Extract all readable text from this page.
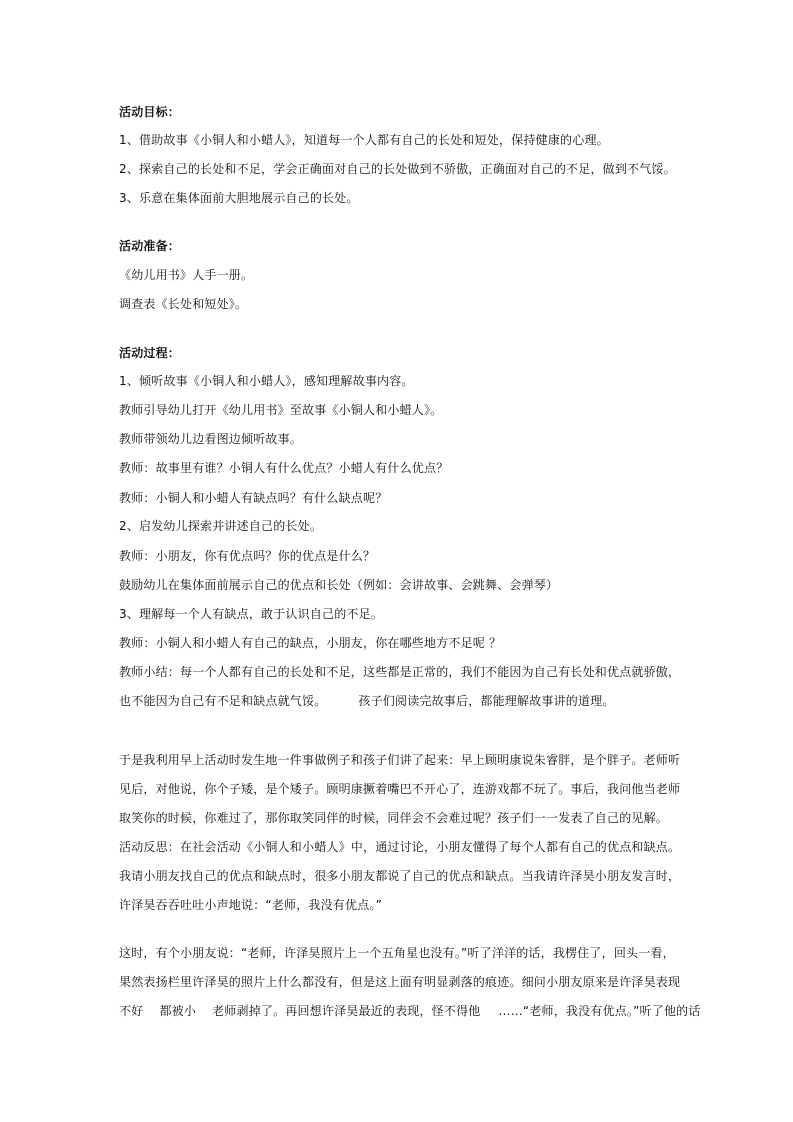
活动目标：
1、借助故事《小铜人和小蜡人》，知道每一个人都有自己的长处和短处，保持健康的心理。
2、探索自己的长处和不足，学会正确面对自己的长处做到不骄傲，正确面对自己的不足，做到不气馁。
3、乐意在集体面前大胆地展示自己的长处。
活动准备：
《幼儿用书》人手一册。
调查表《长处和短处》。
活动过程：
1、倾听故事《小铜人和小蜡人》，感知理解故事内容。
教师引导幼儿打开《幼儿用书》至故事《小铜人和小蜡人》。
教师带领幼儿边看图边倾听故事。
教师：故事里有谁？小铜人有什么优点？小蜡人有什么优点？
教师：小铜人和小蜡人有缺点吗？有什么缺点呢？
2、启发幼儿探索并讲述自己的长处。
教师：小朋友，你有优点吗？你的优点是什么？
鼓励幼儿在集体面前展示自己的优点和长处（例如：会讲故事、会跳舞、会弹琴）
3、理解每一个人有缺点，敢于认识自己的不足。
教师：小铜人和小蜡人有自己的缺点，小朋友，你在哪些地方不足呢 ？
教师小结：每一个人都有自己的长处和不足，这些都是正常的，我们不能因为自己有长处和优点就骄傲，
也不能因为自己有不足和缺点就气馁。	孩子们阅读完故事后，都能理解故事讲的道理。
于是我利用早上活动时发生地一件事做例子和孩子们讲了起来：早上顾明康说朱睿胖，是个胖子。老师听
见后，对他说，你个子矮，是个矮子。顾明康撅着嘴巴不开心了，连游戏都不玩了。事后，我问他当老师
取笑你的时候，你难过了，那你取笑同伴的时候，同伴会不会难过呢？孩子们一一发表了自己的见解。
活动反思：在社会活动《小铜人和小蜡人》中，通过讨论，小朋友懂得了每个人都有自己的优点和缺点。
我请小朋友找自己的优点和缺点时，很多小朋友都说了自己的优点和缺点。当我请许泽昊小朋友发言时，
许泽昊吞吞吐吐小声地说：“老师，我没有优点。”
这时，有个小朋友说：“老师，许泽昊照片上一个五角星也没有。”听了洋洋的话，我楞住了，回头一看，
果然表扬栏里许泽昊的照片上什么都没有，但是这上面有明显剥落的痕迹。细问小朋友原来是许泽昊表现
不好 都被小 老师剥掉了。再回想许泽昊最近的表现，怪不得他 ……“老师，我没有优点。”听了他的话
